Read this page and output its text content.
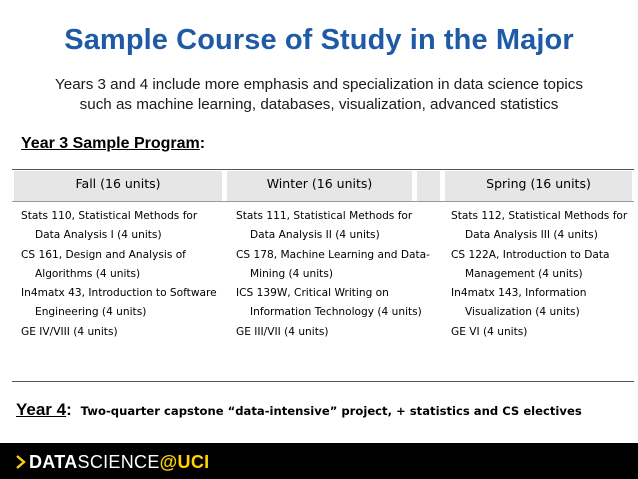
Sample Course of Study in the Major
Years 3 and 4 include more emphasis and specialization in data science topics
such as machine learning, databases, visualization, advanced statistics
Year 3 Sample Program:
Fall (16 units)	Winter (16 units)	Spring (16 units)
Stats 110, Statistical Methods for Data Analysis I (4 units)
CS 161, Design and Analysis of Algorithms (4 units)
In4matx 43, Introduction to Software Engineering (4 units)
GE IV/VIII (4 units)
Stats 111, Statistical Methods for Data Analysis II (4 units)
CS 178, Machine Learning and Data-Mining (4 units)
ICS 139W, Critical Writing on Information Technology (4 units)
GE III/VII (4 units)
Stats 112, Statistical Methods for Data Analysis III (4 units)
CS 122A, Introduction to Data Management (4 units)
In4matx 143, Information Visualization (4 units)
GE VI (4 units)
Year 4: Two-quarter capstone “data-intensive” project, + statistics and CS electives
DATASCIENCE@UCI
